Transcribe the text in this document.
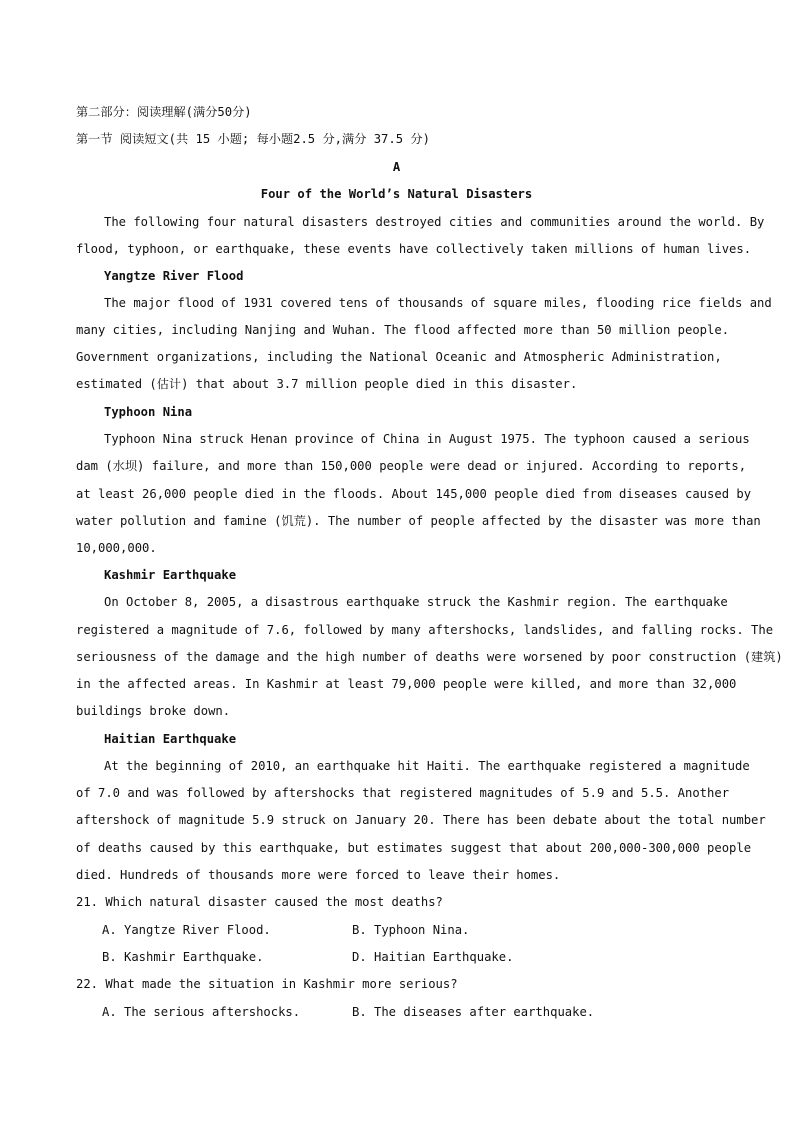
第二部分：阅读理解(满分50分)
第一节 阅读短文(共 15 小题; 每小题2.5 分,满分 37.5 分)
A
Four of the World’s Natural Disasters
The following four natural disasters destroyed cities and communities around the world. By
flood, typhoon, or earthquake, these events have collectively taken millions of human lives.
Yangtze River Flood
The major flood of 1931 covered tens of thousands of square miles, flooding rice fields and
many cities, including Nanjing and Wuhan. The flood affected more than 50 million people.
Government organizations, including the National Oceanic and Atmospheric Administration,
estimated (估计) that about 3.7 million people died in this disaster.
Typhoon Nina
Typhoon Nina struck Henan province of China in August 1975. The typhoon caused a serious
dam (水坝) failure, and more than 150,000 people were dead or injured. According to reports,
at least 26,000 people died in the floods. About 145,000 people died from diseases caused by
water pollution and famine (饥荒). The number of people affected by the disaster was more than
10,000,000.
Kashmir Earthquake
On October 8, 2005, a disastrous earthquake struck the Kashmir region. The earthquake
registered a magnitude of 7.6, followed by many aftershocks, landslides, and falling rocks. The
seriousness of the damage and the high number of deaths were worsened by poor construction (建筑)
in the affected areas. In Kashmir at least 79,000 people were killed, and more than 32,000
buildings broke down.
Haitian Earthquake
At the beginning of 2010, an earthquake hit Haiti. The earthquake registered a magnitude
of 7.0 and was followed by aftershocks that registered magnitudes of 5.9 and 5.5. Another
aftershock of magnitude 5.9 struck on January 20. There has been debate about the total number
of deaths caused by this earthquake, but estimates suggest that about 200,000-300,000 people
died. Hundreds of thousands more were forced to leave their homes.
21. Which natural disaster caused the most deaths?
A. Yangtze River Flood.	B. Typhoon Nina.
B. Kashmir Earthquake.	D. Haitian Earthquake.
22. What made the situation in Kashmir more serious?
A. The serious aftershocks.	B. The diseases after earthquake.
